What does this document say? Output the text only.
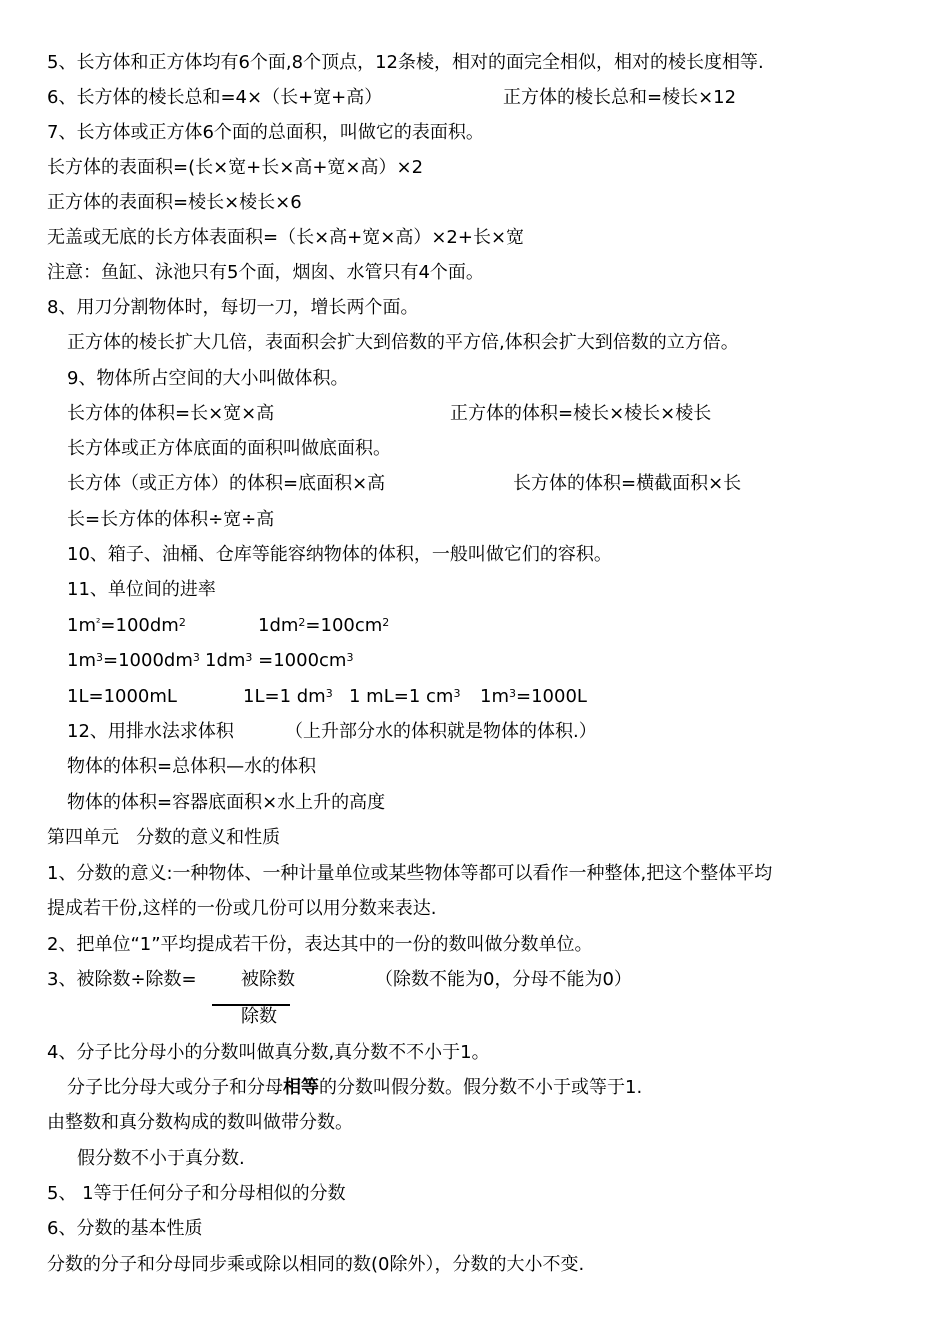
5、长方体和正方体均有6个面,8个顶点，12条棱，相对的面完全相似，相对的棱长度相等.
6、长方体的棱长总和=4×（长+宽+高）	正方体的棱长总和=棱长×12
7、长方体或正方体6个面的总面积，叫做它的表面积。
长方体的表面积=(长×宽+长×高+宽×高）×2
正方体的表面积=棱长×棱长×6
无盖或无底的长方体表面积=（长×高+宽×高）×2+长×宽
注意：鱼缸、泳池只有5个面，烟囱、水管只有4个面。
8、用刀分割物体时，每切一刀，增长两个面。
正方体的棱长扩大几倍，表面积会扩大到倍数的平方倍,体积会扩大到倍数的立方倍。
9、物体所占空间的大小叫做体积。
长方体的体积=长×宽×高	正方体的体积=棱长×棱长×棱长
长方体或正方体底面的面积叫做底面积。
长方体（或正方体）的体积=底面积×高	长方体的体积=横截面积×长
长=长方体的体积÷宽÷高
10、箱子、油桶、仓库等能容纳物体的体积，一般叫做它们的容积。
11、单位间的进率
$1m^{^2}=100dm^2$	$1dm^2=100cm^2$
$1m^3=1000dm^3$ $1dm^3 =1000cm^3$
1L=1000mL	1L=1 $dm^3$ 1 mL=1 $cm^3$ $1m^3=1000L$
12、用排水法求体积	（上升部分水的体积就是物体的体积.）
物体的体积=总体积—水的体积
物体的体积=容器底面积×水上升的高度
第四单元   分数的意义和性质
1、分数的意义:一种物体、一种计量单位或某些物体等都可以看作一种整体,把这个整体平均
提成若干份,这样的一份或几份可以用分数来表达.
2、把单位“1”平均提成若干份，表达其中的一份的数叫做分数单位。
3、被除数÷除数= 被除数	（除数不能为0，分母不能为0）
除数
4、分子比分母小的分数叫做真分数,真分数不不小于1。
分子比分母大或分子和分母相等的分数叫假分数。假分数不小于或等于1.
由整数和真分数构成的数叫做带分数。
假分数不小于真分数.
5、 1等于任何分子和分母相似的分数
6、分数的基本性质
分数的分子和分母同步乘或除以相同的数(0除外），分数的大小不变.
